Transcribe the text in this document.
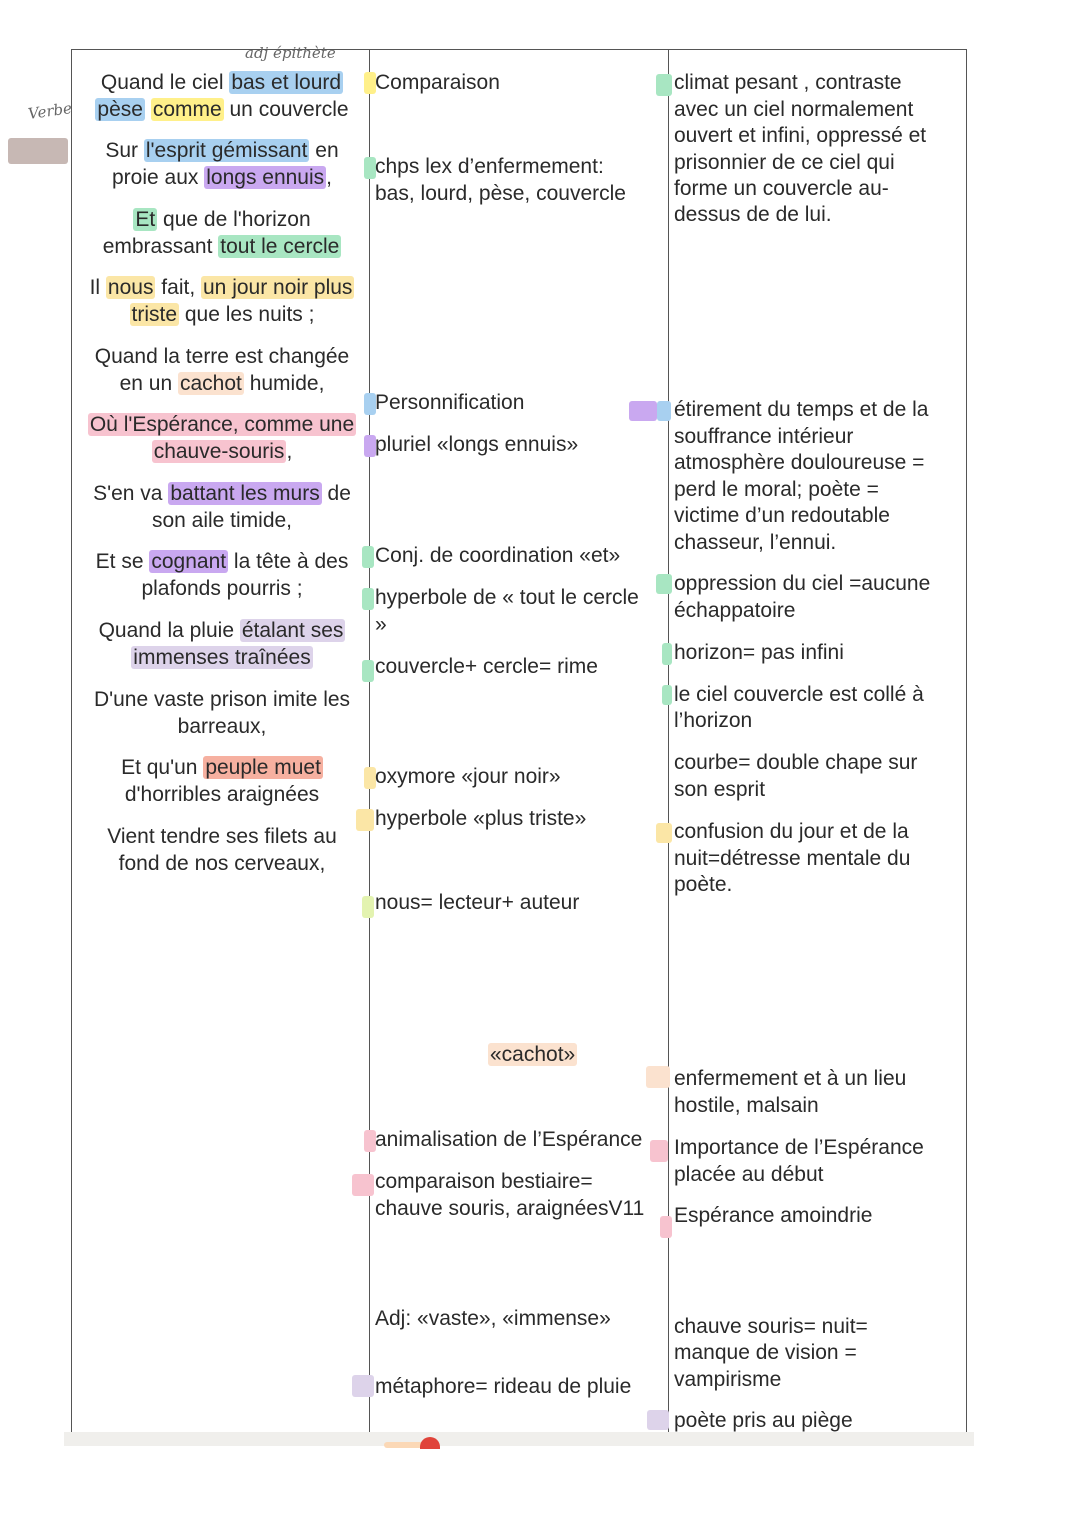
adj épithète
Verbe
Quand le ciel bas et lourd
pèse comme un couvercle
Sur l'esprit gémissant en
proie aux longs ennuis,
Et que de l'horizon
embrassant tout le cercle
Il nous fait, un jour noir plus
triste que les nuits ;
Quand la terre est changée
en un cachot humide,
Où l'Espérance, comme une
chauve-souris,
S'en va battant les murs de
son aile timide,
Et se cognant la tête à des
plafonds pourris ;
Quand la pluie étalant ses
immenses traînées
D'une vaste prison imite les
barreaux,
Et qu'un peuple muet
d'horribles araignées
Vient tendre ses filets au
fond de nos cerveaux,
Comparaison
chps lex d’enfermement:
bas, lourd, pèse, couvercle
Personnification
pluriel «longs ennuis»
Conj. de coordination «et»
hyperbole de « tout le cercle
»
couvercle+ cercle= rime
oxymore «jour noir»
hyperbole «plus triste»
nous= lecteur+ auteur
«cachot»
animalisation de l’Espérance
comparaison bestiaire=
chauve souris, araignéesV11
Adj: «vaste», «immense»
métaphore= rideau de pluie
climat pesant , contraste
avec un ciel normalement
ouvert et infini, oppressé et
prisonnier de ce ciel qui
forme un couvercle au-
dessus de de lui.
étirement du temps et de la
souffrance intérieur
atmosphère douloureuse =
perd le moral; poète =
victime d’un redoutable
chasseur, l’ennui.
oppression du ciel =aucune
échappatoire
horizon= pas infini
le ciel couvercle est collé à
l’horizon
courbe= double chape sur
son esprit
confusion du jour et de la
nuit=détresse mentale du
poète.
enfermement et à un lieu
hostile, malsain
Importance de l’Espérance
placée au début
Espérance amoindrie
chauve souris= nuit=
manque de vision =
vampirisme
poète pris au piège
